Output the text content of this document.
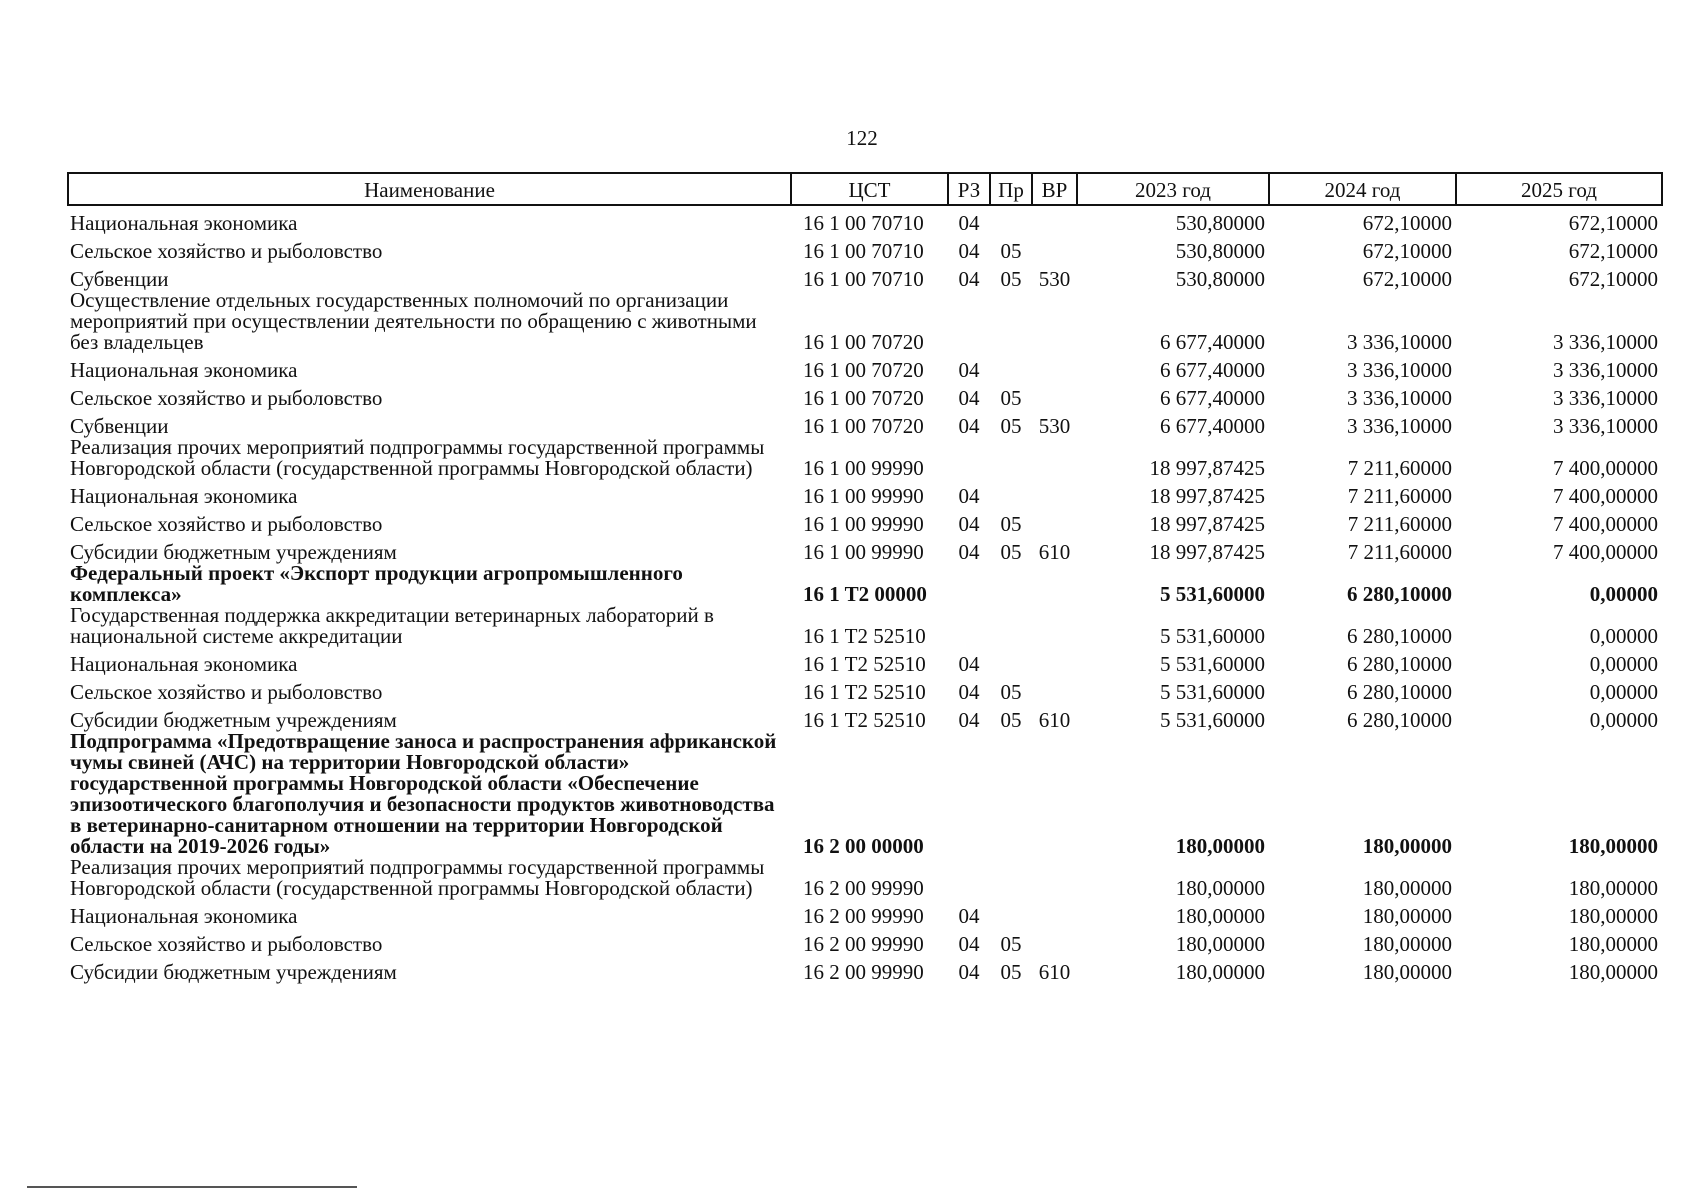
122
Наименование	ЦСТ	РЗ	Пр	ВР	2023 год	2024 год	2025 год
Национальная экономика	16 1 00 70710	04			530,80000	672,10000	672,10000
Сельское хозяйство и рыболовство	16 1 00 70710	04	05		530,80000	672,10000	672,10000
Субвенции	16 1 00 70710	04	05	530	530,80000	672,10000	672,10000
Осуществление отдельных государственных полномочий по организации мероприятий при осуществлении деятельности по обращению с животными без владельцев	16 1 00 70720				6 677,40000	3 336,10000	3 336,10000
Национальная экономика	16 1 00 70720	04			6 677,40000	3 336,10000	3 336,10000
Сельское хозяйство и рыболовство	16 1 00 70720	04	05		6 677,40000	3 336,10000	3 336,10000
Субвенции	16 1 00 70720	04	05	530	6 677,40000	3 336,10000	3 336,10000
Реализация прочих мероприятий подпрограммы государственной программы Новгородской области (государственной программы Новгородской области)	16 1 00 99990				18 997,87425	7 211,60000	7 400,00000
Национальная экономика	16 1 00 99990	04			18 997,87425	7 211,60000	7 400,00000
Сельское хозяйство и рыболовство	16 1 00 99990	04	05		18 997,87425	7 211,60000	7 400,00000
Субсидии бюджетным учреждениям	16 1 00 99990	04	05	610	18 997,87425	7 211,60000	7 400,00000
Федеральный проект «Экспорт продукции агропромышленного комплекса»	16 1 T2 00000				5 531,60000	6 280,10000	0,00000
Государственная поддержка аккредитации ветеринарных лабораторий в национальной системе аккредитации	16 1 T2 52510				5 531,60000	6 280,10000	0,00000
Национальная экономика	16 1 T2 52510	04			5 531,60000	6 280,10000	0,00000
Сельское хозяйство и рыболовство	16 1 T2 52510	04	05		5 531,60000	6 280,10000	0,00000
Субсидии бюджетным учреждениям	16 1 T2 52510	04	05	610	5 531,60000	6 280,10000	0,00000
Подпрограмма «Предотвращение заноса и распространения африканской чумы свиней (АЧС) на территории Новгородской области» государственной программы Новгородской области «Обеспечение эпизоотического благополучия и безопасности продуктов животноводства в ветеринарно-санитарном отношении на территории Новгородской области на 2019-2026 годы»	16 2 00 00000				180,00000	180,00000	180,00000
Реализация прочих мероприятий подпрограммы государственной программы Новгородской области (государственной программы Новгородской области)	16 2 00 99990				180,00000	180,00000	180,00000
Национальная экономика	16 2 00 99990	04			180,00000	180,00000	180,00000
Сельское хозяйство и рыболовство	16 2 00 99990	04	05		180,00000	180,00000	180,00000
Субсидии бюджетным учреждениям	16 2 00 99990	04	05	610	180,00000	180,00000	180,00000
